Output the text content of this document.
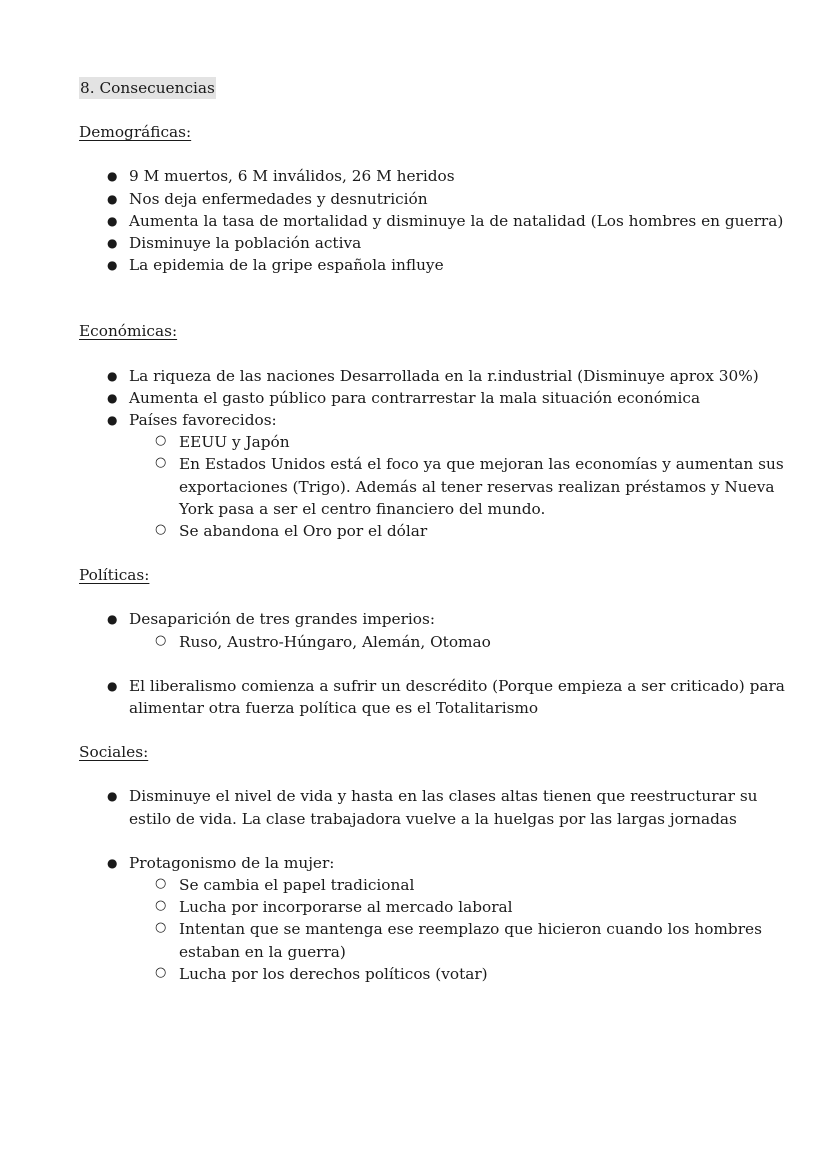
8. Consecuencias
Demográficas:
● 9 M muertos, 6 M inválidos, 26 M heridos
● Nos deja enfermedades y desnutrición
● Aumenta la tasa de mortalidad y disminuye la de natalidad (Los hombres en guerra)
● Disminuye la población activa
● La epidemia de la gripe española influye
Económicas:
● La riqueza de las naciones Desarrollada en la r.industrial (Disminuye aprox 30%)
● Aumenta el gasto público para contrarrestar la mala situación económica
● Países favorecidos:
○ EEUU y Japón
○ En Estados Unidos está el foco ya que mejoran las economías y aumentan sus exportaciones (Trigo). Además al tener reservas realizan préstamos y Nueva York pasa a ser el centro financiero del mundo.
○ Se abandona el Oro por el dólar
Políticas:
● Desaparición de tres grandes imperios:
○ Ruso, Austro-Húngaro, Alemán, Otomao
● El liberalismo comienza a sufrir un descrédito (Porque empieza a ser criticado) para alimentar otra fuerza política que es el Totalitarismo
Sociales:
● Disminuye el nivel de vida y hasta en las clases altas tienen que reestructurar su estilo de vida. La clase trabajadora vuelve a la huelgas por las largas jornadas
● Protagonismo de la mujer:
○ Se cambia el papel tradicional
○ Lucha por incorporarse al mercado laboral
○ Intentan que se mantenga ese reemplazo que hicieron cuando los hombres estaban en la guerra)
○ Lucha por los derechos políticos (votar)
